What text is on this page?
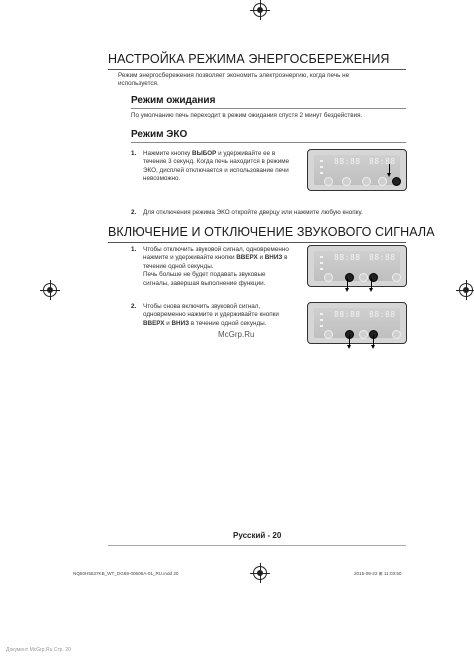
НАСТРОЙКА РЕЖИМА ЭНЕРГОСБЕРЕЖЕНИЯ
Режим энергосбережения позволяет экономить электроэнергию, когда печь не используется.
Режим ожидания
По умолчанию печь переходит в режим ожидания спустя 2 минут бездействия.
Режим ЭКО
1. Нажмите кнопку ВЫБОР и удерживайте ее в
течение 3 секунд. Когда печь находится в режиме
ЭКО, дисплей отключается и использование печи
невозможно.
88:88 88:88
2. Для отключения режима ЭКО откройте дверцу или нажмите любую кнопку.
ВКЛЮЧЕНИЕ И ОТКЛЮЧЕНИЕ ЗВУКОВОГО СИГНАЛА
1. Чтобы отключить звуковой сигнал, одновременно
нажмите и удерживайте кнопки ВВЕРХ и ВНИЗ в
течение одной секунды.
Печь больше не будет подавать звуковые
сигналы, завершая выполнение функции.
88:88 88:88
2. Чтобы снова включить звуковой сигнал,
одновременно нажмите и удерживайте кнопки
ВВЕРХ и ВНИЗ в течение одной секунды.
88:88 88:88
McGrp.Ru
Русский - 20
NQ50H5537KB_WT_DG68-00606A-01_RU.indd 20	2015-09-22 ⊞ 11:03:50
Документ McGrp.Ru Cтр. 20
